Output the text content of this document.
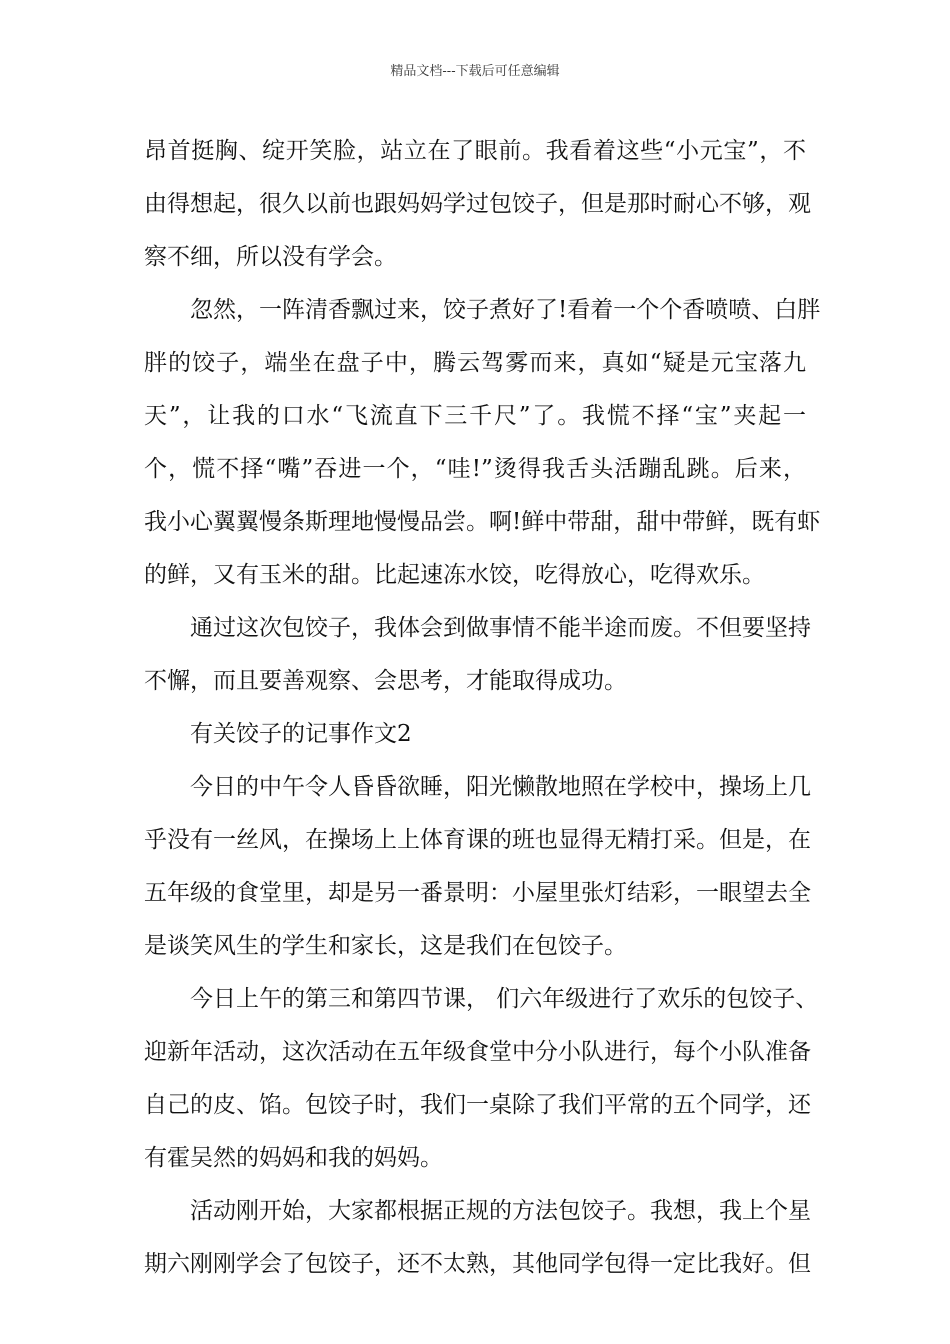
精品文档---下载后可任意编辑
昂首挺胸、绽开笑脸，站立在了眼前。我看着这些“小元宝”，不
由得想起，很久以前也跟妈妈学过包饺子，但是那时耐心不够，观
察不细，所以没有学会。
忽然，一阵清香飘过来，饺子煮好了!看着一个个香喷喷、白胖
胖的饺子，端坐在盘子中，腾云驾雾而来，真如“疑是元宝落九
天”，让我的口水“飞流直下三千尺”了。我慌不择“宝”夹起一
个，慌不择“嘴”吞进一个，“哇!”烫得我舌头活蹦乱跳。后来，
我小心翼翼慢条斯理地慢慢品尝。啊!鲜中带甜，甜中带鲜，既有虾
的鲜，又有玉米的甜。比起速冻水饺，吃得放心，吃得欢乐。
通过这次包饺子，我体会到做事情不能半途而废。不但要坚持
不懈，而且要善观察、会思考，才能取得成功。
有关饺子的记事作文2
今日的中午令人昏昏欲睡，阳光懒散地照在学校中，操场上几
乎没有一丝风，在操场上上体育课的班也显得无精打采。但是，在
五年级的食堂里，却是另一番景明：小屋里张灯结彩，一眼望去全
是谈笑风生的学生和家长，这是我们在包饺子。
今日上午的第三和第四节课， 们六年级进行了欢乐的包饺子、
迎新年活动，这次活动在五年级食堂中分小队进行，每个小队准备
自己的皮、馅。包饺子时，我们一桌除了我们平常的五个同学，还
有霍吴然的妈妈和我的妈妈。
活动刚开始，大家都根据正规的方法包饺子。我想，我上个星
期六刚刚学会了包饺子，还不太熟，其他同学包得一定比我好。但
